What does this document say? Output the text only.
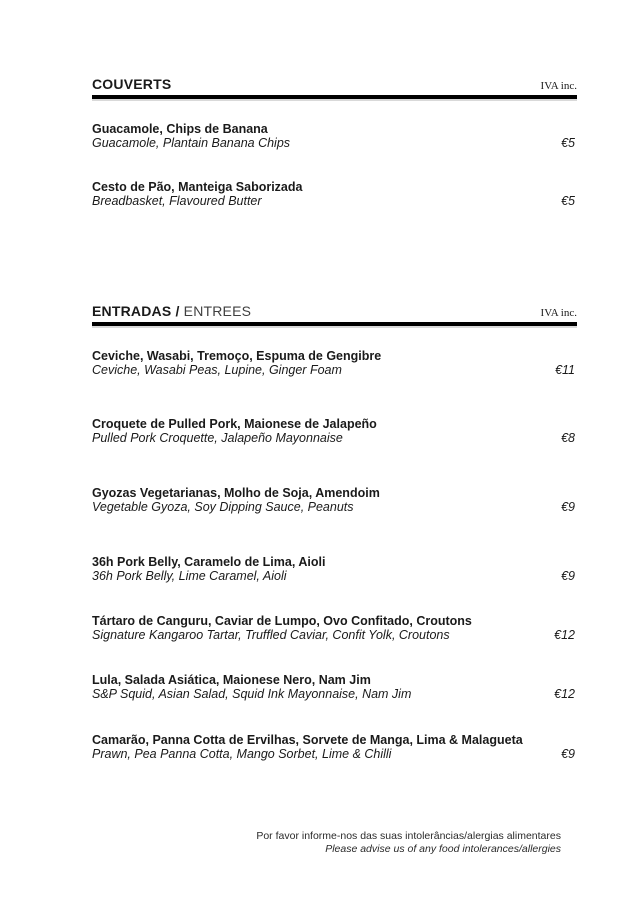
COUVERTS	IVA inc.
Guacamole, Chips de Banana
Guacamole, Plantain Banana Chips	€5
Cesto de Pão, Manteiga Saborizada
Breadbasket, Flavoured Butter	€5
ENTRADAS / ENTREES	IVA inc.
Ceviche, Wasabi, Tremoço, Espuma de Gengibre
Ceviche, Wasabi Peas, Lupine, Ginger Foam	€11
Croquete de Pulled Pork, Maionese de Jalapeño
Pulled Pork Croquette, Jalapeño Mayonnaise	€8
Gyozas Vegetarianas, Molho de Soja, Amendoim
Vegetable Gyoza, Soy Dipping Sauce, Peanuts	€9
36h Pork Belly, Caramelo de Lima, Aioli
36h Pork Belly, Lime Caramel, Aioli	€9
Tártaro de Canguru, Caviar de Lumpo, Ovo Confitado, Croutons
Signature Kangaroo Tartar, Truffled Caviar, Confit Yolk, Croutons	€12
Lula, Salada Asiática, Maionese Nero, Nam Jim
S&P Squid, Asian Salad, Squid Ink Mayonnaise, Nam Jim	€12
Camarão, Panna Cotta de Ervilhas, Sorvete de Manga, Lima & Malagueta
Prawn, Pea Panna Cotta, Mango Sorbet, Lime & Chilli	€9
Por favor informe-nos das suas intolerâncias/alergias alimentares
Please advise us of any food intolerances/allergies
